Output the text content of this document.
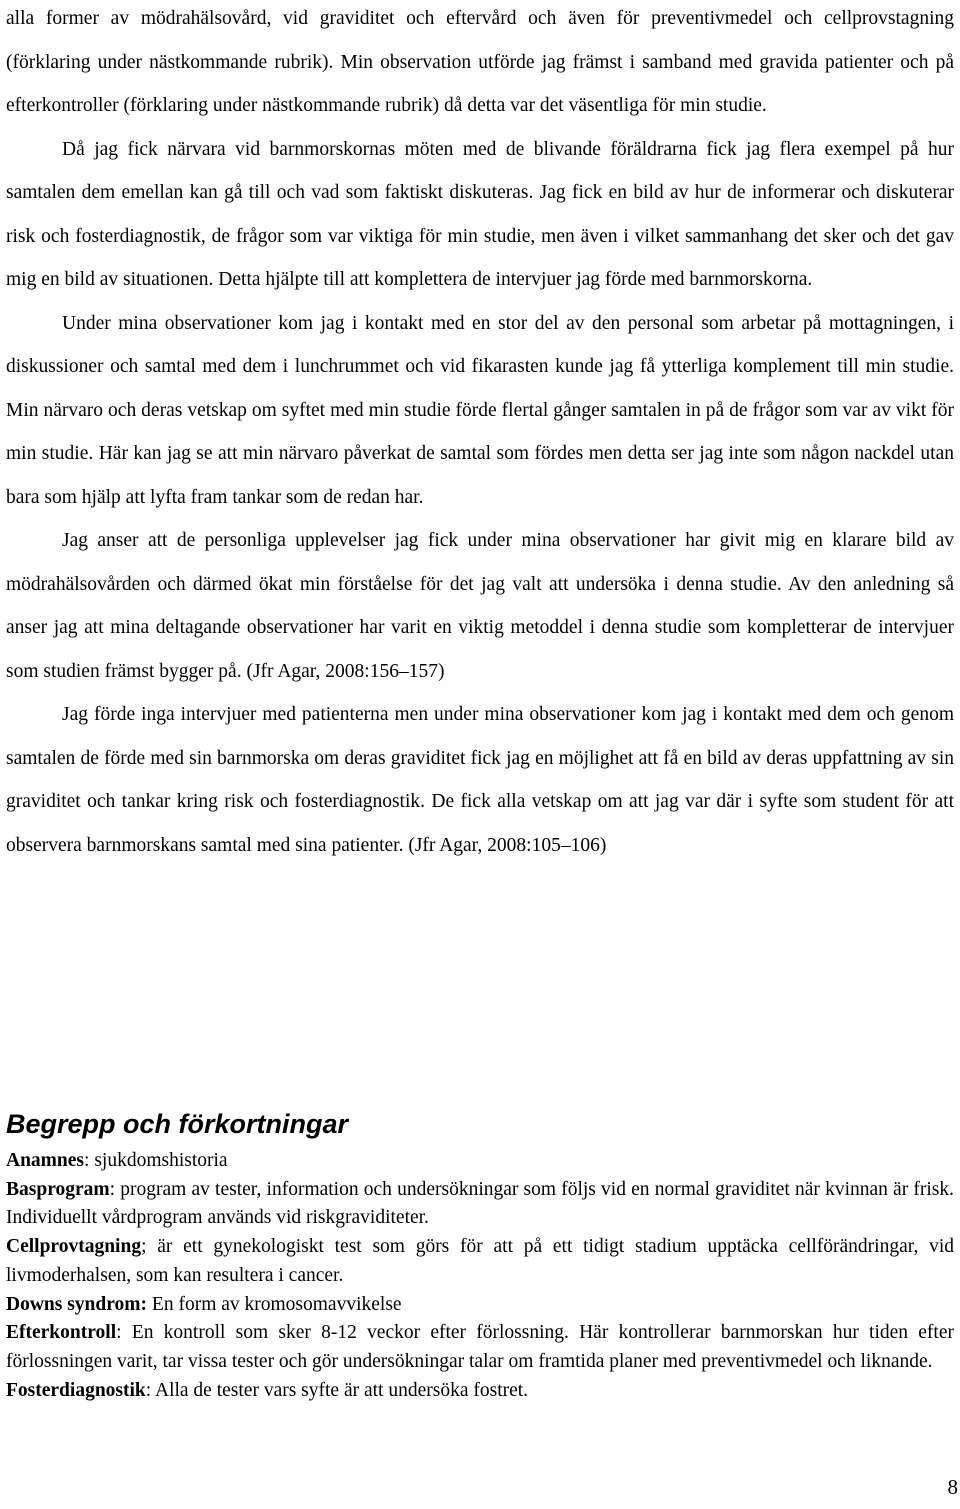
alla former av mödrahälsovård, vid graviditet och eftervård och även för preventivmedel och cellprovstagning (förklaring under nästkommande rubrik). Min observation utförde jag främst i samband med gravida patienter och på efterkontroller (förklaring under nästkommande rubrik) då detta var det väsentliga för min studie.

Då jag fick närvara vid barnmorskornas möten med de blivande föräldrarna fick jag flera exempel på hur samtalen dem emellan kan gå till och vad som faktiskt diskuteras. Jag fick en bild av hur de informerar och diskuterar risk och fosterdiagnostik, de frågor som var viktiga för min studie, men även i vilket sammanhang det sker och det gav mig en bild av situationen. Detta hjälpte till att komplettera de intervjuer jag förde med barnmorskorna.

Under mina observationer kom jag i kontakt med en stor del av den personal som arbetar på mottagningen, i diskussioner och samtal med dem i lunchrummet och vid fikarasten kunde jag få ytterliga komplement till min studie. Min närvaro och deras vetskap om syftet med min studie förde flertal gånger samtalen in på de frågor som var av vikt för min studie. Här kan jag se att min närvaro påverkat de samtal som fördes men detta ser jag inte som någon nackdel utan bara som hjälp att lyfta fram tankar som de redan har.

Jag anser att de personliga upplevelser jag fick under mina observationer har givit mig en klarare bild av mödrahälsovården och därmed ökat min förståelse för det jag valt att undersöka i denna studie. Av den anledning så anser jag att mina deltagande observationer har varit en viktig metoddel i denna studie som kompletterar de intervjuer som studien främst bygger på. (Jfr Agar, 2008:156–157)

Jag förde inga intervjuer med patienterna men under mina observationer kom jag i kontakt med dem och genom samtalen de förde med sin barnmorska om deras graviditet fick jag en möjlighet att få en bild av deras uppfattning av sin graviditet och tankar kring risk och fosterdiagnostik. De fick alla vetskap om att jag var där i syfte som student för att observera barnmorskans samtal med sina patienter. (Jfr Agar, 2008:105–106)

Begrepp och förkortningar

Anamnes: sjukdomshistoria

Basprogram: program av tester, information och undersökningar som följs vid en normal graviditet när kvinnan är frisk. Individuellt vårdprogram används vid riskgraviditeter.

Cellprovtagning; är ett gynekologiskt test som görs för att på ett tidigt stadium upptäcka cellförändringar, vid livmoderhalsen, som kan resultera i cancer.

Downs syndrom: En form av kromosomavvikelse

Efterkontroll: En kontroll som sker 8-12 veckor efter förlossning. Här kontrollerar barnmorskan hur tiden efter förlossningen varit, tar vissa tester och gör undersökningar talar om framtida planer med preventivmedel och liknande.

Fosterdiagnostik: Alla de tester vars syfte är att undersöka fostret.

8
